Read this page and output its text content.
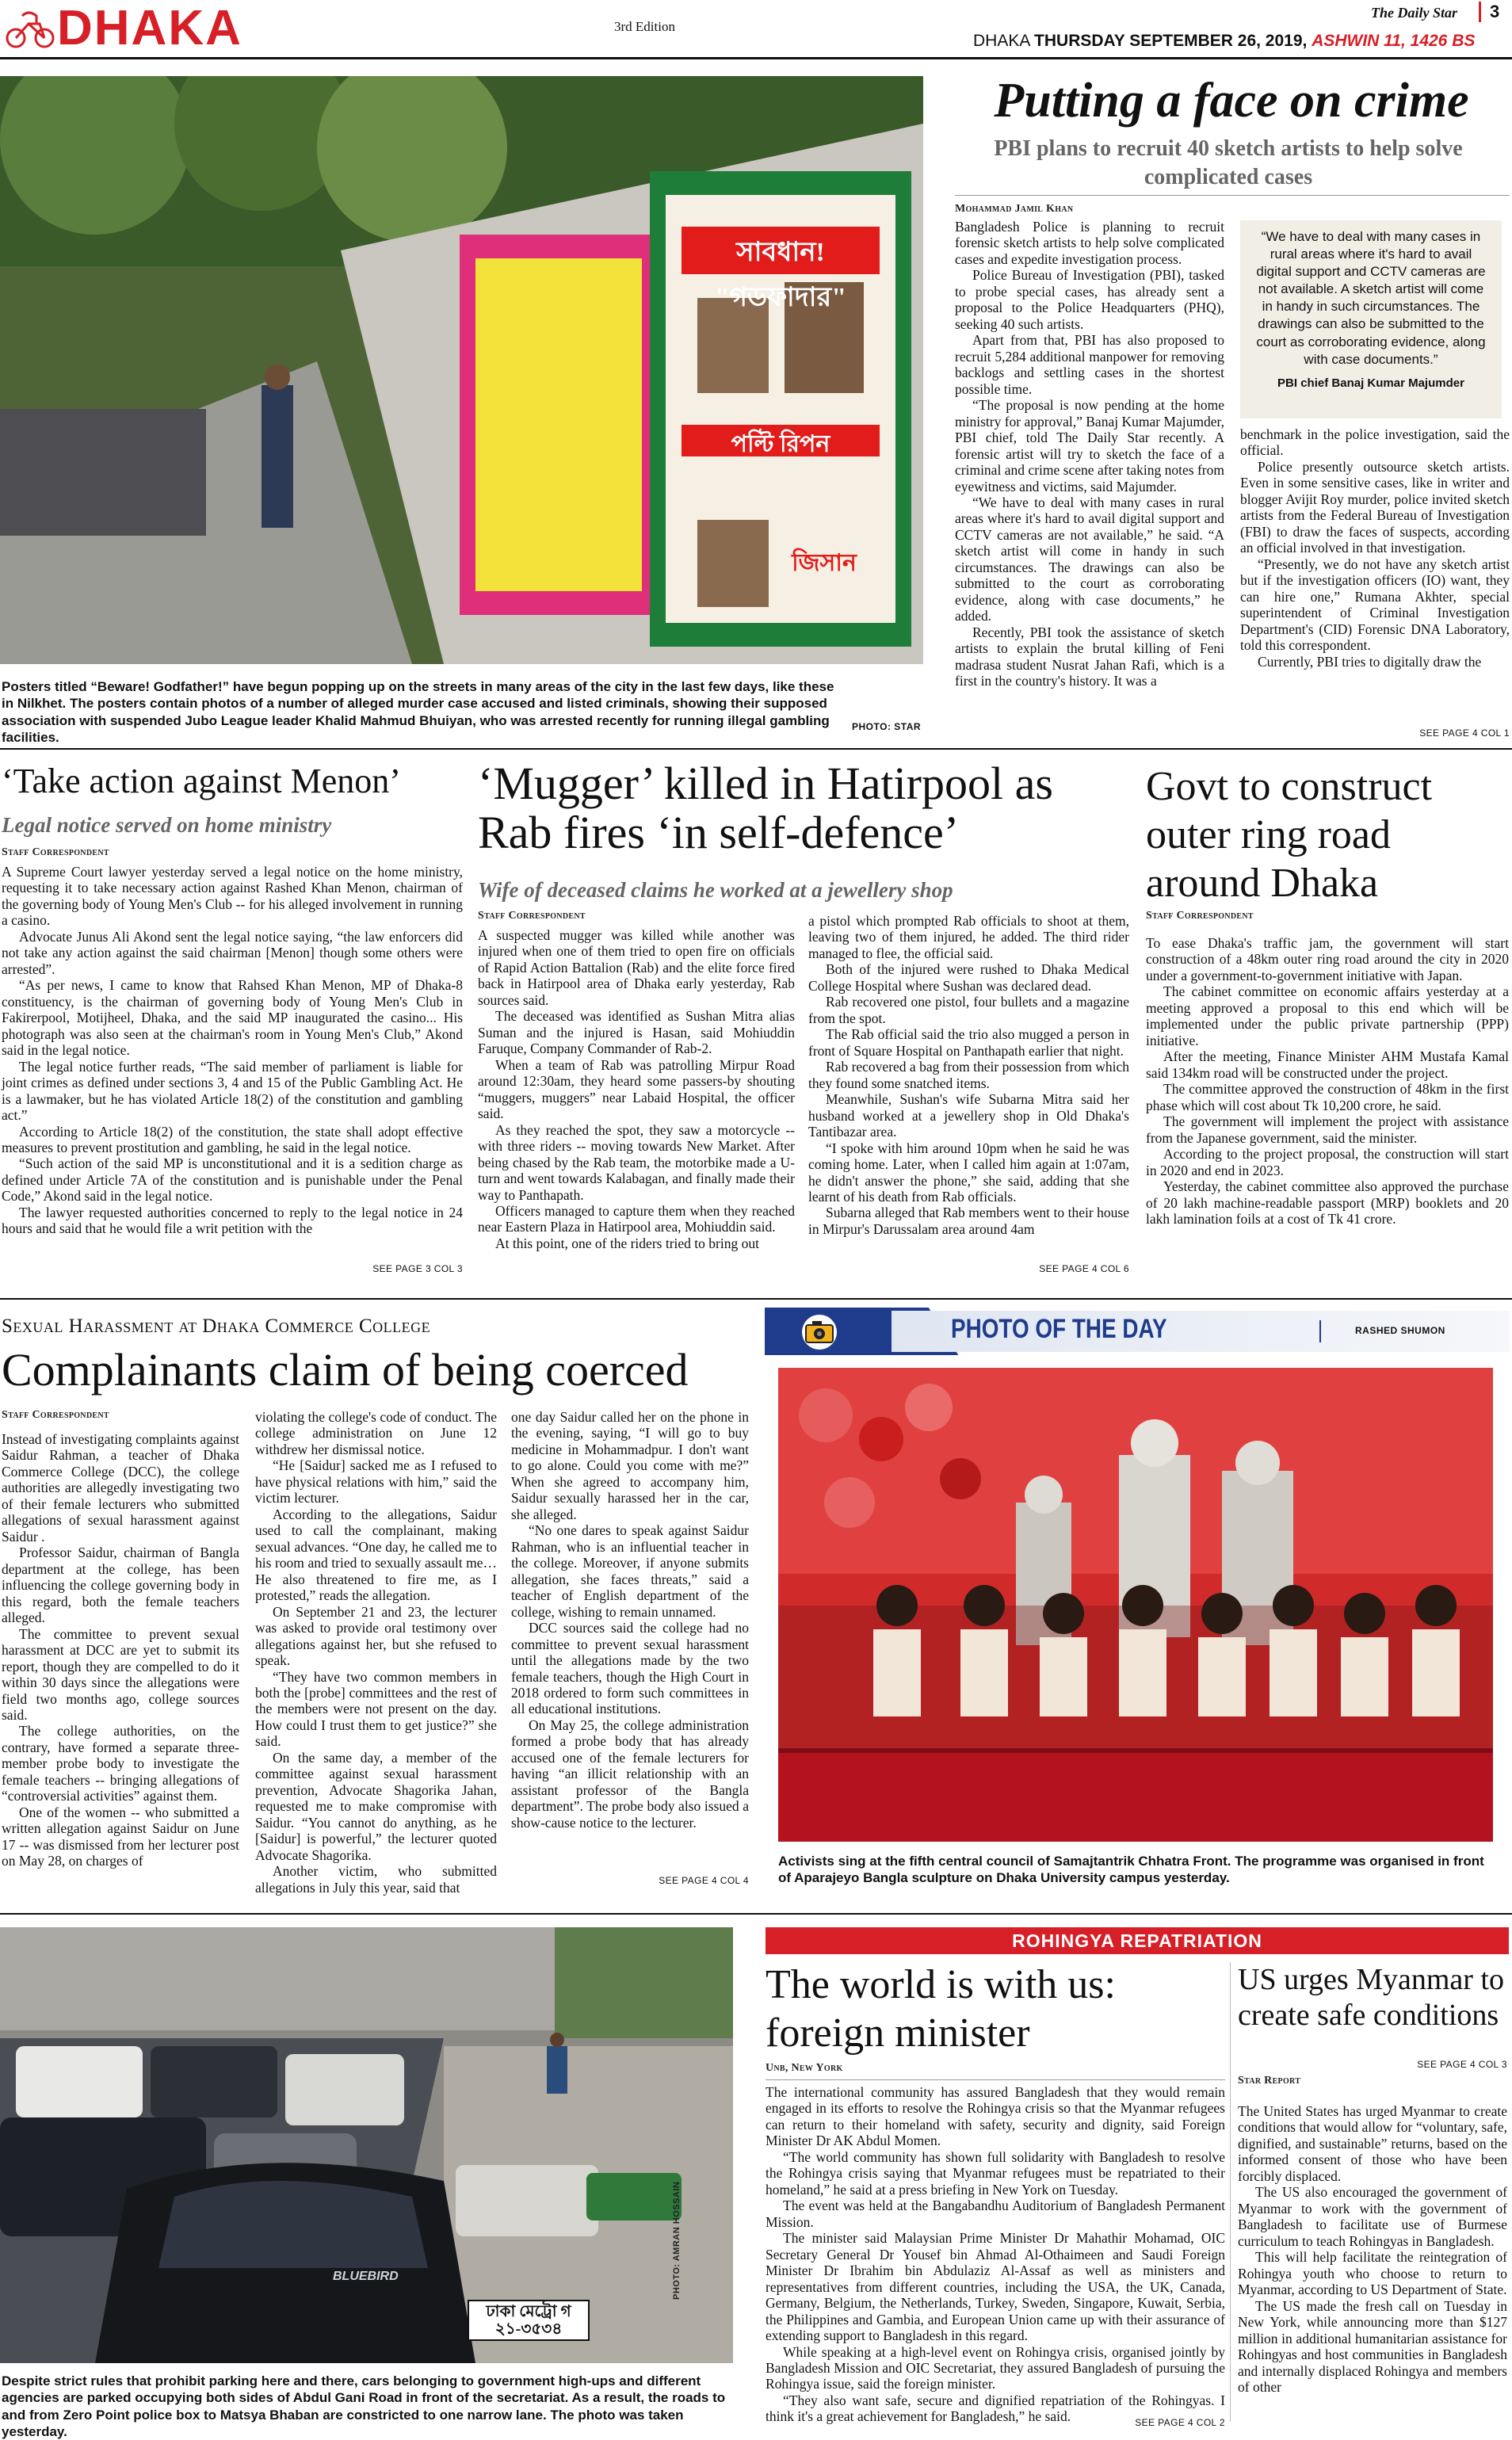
DHAKA	3rd Edition
The Daily Star 3
DHAKA THURSDAY SEPTEMBER 26, 2019, ASHWIN 11, 1426 BS
সাবধান! "গডফাদার"
পল্টি রিপন
জিসান
Posters titled “Beware! Godfather!” have begun popping up on the streets in many areas of the city in the last few days, like these in Nilkhet. The posters contain photos of a number of alleged murder case accused and listed criminals, showing their supposed association with suspended Jubo League leader Khalid Mahmud Bhuiyan, who was arrested recently for running illegal gambling facilities.
PHOTO: STAR
Putting a face on crime
PBI plans to recruit 40 sketch artists to help solve complicated cases
Mohammad Jamil Khan

Bangladesh Police is planning to recruit forensic sketch artists to help solve complicated cases and expedite investigation process.

Police Bureau of Investigation (PBI), tasked to probe special cases, has already sent a proposal to the Police Headquarters (PHQ), seeking 40 such artists.

Apart from that, PBI has also proposed to recruit 5,284 additional manpower for removing backlogs and settling cases in the shortest possible time.

“The proposal is now pending at the home ministry for approval,” Banaj Kumar Majumder, PBI chief, told The Daily Star recently. A forensic artist will try to sketch the face of a criminal and crime scene after taking notes from eyewitness and victims, said Majumder.

“We have to deal with many cases in rural areas where it's hard to avail digital support and CCTV cameras are not available,” he said. “A sketch artist will come in handy in such circumstances. The drawings can also be submitted to the court as corroborating evidence, along with case documents,” he added.

Recently, PBI took the assistance of sketch artists to explain the brutal killing of Feni madrasa student Nusrat Jahan Rafi, which is a first in the country's history. It was a

“We have to deal with many cases in rural areas where it's hard to avail digital support and CCTV cameras are not available. A sketch artist will come in handy in such circumstances. The drawings can also be submitted to the court as corroborating evidence, along with case documents.”
PBI chief Banaj Kumar Majumder

benchmark in the police investigation, said the official.

Police presently outsource sketch artists. Even in some sensitive cases, like in writer and blogger Avijit Roy murder, police invited sketch artists from the Federal Bureau of Investigation (FBI) to draw the faces of suspects, according an official involved in that investigation.

“Presently, we do not have any sketch artist but if the investigation officers (IO) want, they can hire one,” Rumana Akhter, special superintendent of Criminal Investigation Department's (CID) Forensic DNA Laboratory, told this correspondent.

Currently, PBI tries to digitally draw the

SEE PAGE 4 COL 1
‘Take action against Menon’
Legal notice served on home ministry
Staff Correspondent

A Supreme Court lawyer yesterday served a legal notice on the home ministry, requesting it to take necessary action against Rashed Khan Menon, chairman of the governing body of Young Men's Club -- for his alleged involvement in running a casino.

Advocate Junus Ali Akond sent the legal notice saying, “the law enforcers did not take any action against the said chairman [Menon] though some others were arrested”.

“As per news, I came to know that Rahsed Khan Menon, MP of Dhaka-8 constituency, is the chairman of governing body of Young Men's Club in Fakirerpool, Motijheel, Dhaka, and the said MP inaugurated the casino... His photograph was also seen at the chairman's room in Young Men's Club,” Akond said in the legal notice.

The legal notice further reads, “The said member of parliament is liable for joint crimes as defined under sections 3, 4 and 15 of the Public Gambling Act. He is a lawmaker, but he has violated Article 18(2) of the constitution and gambling act.”

According to Article 18(2) of the constitution, the state shall adopt effective measures to prevent prostitution and gambling, he said in the legal notice.

“Such action of the said MP is unconstitutional and it is a sedition charge as defined under Article 7A of the constitution and is punishable under the Penal Code,” Akond said in the legal notice.

The lawyer requested authorities concerned to reply to the legal notice in 24 hours and said that he would file a writ petition with the

SEE PAGE 3 COL 3
‘Mugger’ killed in Hatirpool as Rab fires ‘in self-defence’
Wife of deceased claims he worked at a jewellery shop
Staff Correspondent

A suspected mugger was killed while another was injured when one of them tried to open fire on officials of Rapid Action Battalion (Rab) and the elite force fired back in Hatirpool area of Dhaka early yesterday, Rab sources said.

The deceased was identified as Sushan Mitra alias Suman and the injured is Hasan, said Mohiuddin Faruque, Company Commander of Rab-2.

When a team of Rab was patrolling Mirpur Road around 12:30am, they heard some passers-by shouting “muggers, muggers” near Labaid Hospital, the officer said.

As they reached the spot, they saw a motorcycle -- with three riders -- moving towards New Market. After being chased by the Rab team, the motorbike made a U-turn and went towards Kalabagan, and finally made their way to Panthapath.

Officers managed to capture them when they reached near Eastern Plaza in Hatirpool area, Mohiuddin said.

At this point, one of the riders tried to bring out

a pistol which prompted Rab officials to shoot at them, leaving two of them injured, he added. The third rider managed to flee, the official said.

Both of the injured were rushed to Dhaka Medical College Hospital where Sushan was declared dead.

Rab recovered one pistol, four bullets and a magazine from the spot.

The Rab official said the trio also mugged a person in front of Square Hospital on Panthapath earlier that night.

Rab recovered a bag from their possession from which they found some snatched items.

Meanwhile, Sushan's wife Subarna Mitra said her husband worked at a jewellery shop in Old Dhaka's Tantibazar area.

“I spoke with him around 10pm when he said he was coming home. Later, when I called him again at 1:07am, he didn't answer the phone,” she said, adding that she learnt of his death from Rab officials.

Subarna alleged that Rab members went to their house in Mirpur's Darussalam area around 4am

SEE PAGE 4 COL 6
Govt to construct outer ring road around Dhaka
Staff Correspondent

To ease Dhaka's traffic jam, the government will start construction of a 48km outer ring road around the city in 2020 under a government-to-government initiative with Japan.

The cabinet committee on economic affairs yesterday at a meeting approved a proposal to this end which will be implemented under the public private partnership (PPP) initiative.

After the meeting, Finance Minister AHM Mustafa Kamal said 134km road will be constructed under the project.

The committee approved the construction of 48km in the first phase which will cost about Tk 10,200 crore, he said.

The government will implement the project with assistance from the Japanese government, said the minister.

According to the project proposal, the construction will start in 2020 and end in 2023.

Yesterday, the cabinet committee also approved the purchase of 20 lakh machine-readable passport (MRP) booklets and 20 lakh lamination foils at a cost of Tk 41 crore.

Sexual Harassment at Dhaka Commerce College
Complainants claim of being coerced
Staff Correspondent

Instead of investigating complaints against Saidur Rahman, a teacher of Dhaka Commerce College (DCC), the college authorities are allegedly investigating two of their female lecturers who submitted allegations of sexual harassment against Saidur .

Professor Saidur, chairman of Bangla department at the college, has been influencing the college governing body in this regard, both the female teachers alleged.

The committee to prevent sexual harassment at DCC are yet to submit its report, though they are compelled to do it within 30 days since the allegations were field two months ago, college sources said.

The college authorities, on the contrary, have formed a separate three-member probe body to investigate the female teachers -- bringing allegations of “controversial activities” against them.

One of the women -- who submitted a written allegation against Saidur on June 17 -- was dismissed from her lecturer post on May 28, on charges of

violating the college's code of conduct. The college administration on June 12 withdrew her dismissal notice.

“He [Saidur] sacked me as I refused to have physical relations with him,” said the victim lecturer.

According to the allegations, Saidur used to call the complainant, making sexual advances. “One day, he called me to his room and tried to sexually assault me… He also threatened to fire me, as I protested,” reads the allegation.

On September 21 and 23, the lecturer was asked to provide oral testimony over allegations against her, but she refused to speak.

“They have two common members in both the [probe] committees and the rest of the members were not present on the day. How could I trust them to get justice?” she said.

On the same day, a member of the committee against sexual harassment prevention, Advocate Shagorika Jahan, requested me to make compromise with Saidur. “You cannot do anything, as he [Saidur] is powerful,” the lecturer quoted Advocate Shagorika.

Another victim, who submitted allegations in July this year, said that

one day Saidur called her on the phone in the evening, saying, “I will go to buy medicine in Mohammadpur. I don't want to go alone. Could you come with me?” When she agreed to accompany him, Saidur sexually harassed her in the car, she alleged.

“No one dares to speak against Saidur Rahman, who is an influential teacher in the college. Moreover, if anyone submits allegation, she faces threats,” said a teacher of English department of the college, wishing to remain unnamed.

DCC sources said the college had no committee to prevent sexual harassment until the allegations made by the two female teachers, though the High Court in 2018 ordered to form such committees in all educational institutions.

On May 25, the college administration formed a probe body that has already accused one of the female lecturers for having “an illicit relationship with an assistant professor of the Bangla department”. The probe body also issued a show-cause notice to the lecturer.

SEE PAGE 4 COL 4
PHOTO OF THE DAY	RASHED SHUMON
Activists sing at the fifth central council of Samajtantrik Chhatra Front. The programme was organised in front of Aparajeyo Bangla sculpture on Dhaka University campus yesterday.
BLUEBIRD
ঢাকা মেট্রো গ
২১-৩৫৩৪
PHOTO: AMRAN HOSSAIN
Despite strict rules that prohibit parking here and there, cars belonging to government high-ups and different agencies are parked occupying both sides of Abdul Gani Road in front of the secretariat. As a result, the roads to and from Zero Point police box to Matsya Bhaban are constricted to one narrow lane. The photo was taken yesterday.
ROHINGYA REPATRIATION
The world is with us: foreign minister
Unb, New York

The international community has assured Bangladesh that they would remain engaged in its efforts to resolve the Rohingya crisis so that the Myanmar refugees can return to their homeland with safety, security and dignity, said Foreign Minister Dr AK Abdul Momen.

“The world community has shown full solidarity with Bangladesh to resolve the Rohingya crisis saying that Myanmar refugees must be repatriated to their homeland,” he said at a press briefing in New York on Tuesday.

The event was held at the Bangabandhu Auditorium of Bangladesh Permanent Mission.

The minister said Malaysian Prime Minister Dr Mahathir Mohamad, OIC Secretary General Dr Yousef bin Ahmad Al-Othaimeen and Saudi Foreign Minister Dr Ibrahim bin Abdulaziz Al-Assaf as well as ministers and representatives from different countries, including the USA, the UK, Canada, Germany, Belgium, the Netherlands, Turkey, Sweden, Singapore, Kuwait, Serbia, the Philippines and Gambia, and European Union came up with their assurance of extending support to Bangladesh in this regard.

While speaking at a high-level event on Rohingya crisis, organised jointly by Bangladesh Mission and OIC Secretariat, they assured Bangladesh of pursuing the Rohingya issue, said the foreign minister.

“They also want safe, secure and dignified repatriation of the Rohingyas. I think it's a great achievement for Bangladesh,” he said.	SEE PAGE 4 COL 2
US urges Myanmar to create safe conditions
Star Report

The United States has urged Myanmar to create conditions that would allow for “voluntary, safe, dignified, and sustainable” returns, based on the informed consent of those who have been forcibly displaced.

The US also encouraged the government of Myanmar to work with the government of Bangladesh to facilitate use of Burmese curriculum to teach Rohingyas in Bangladesh.

This will help facilitate the reintegration of Rohingya youth who choose to return to Myanmar, according to US Department of State.

The US made the fresh call on Tuesday in New York, while announcing more than $127 million in additional humanitarian assistance for Rohingyas and host communities in Bangladesh and internally displaced Rohingya and members of other

SEE PAGE 4 COL 3
